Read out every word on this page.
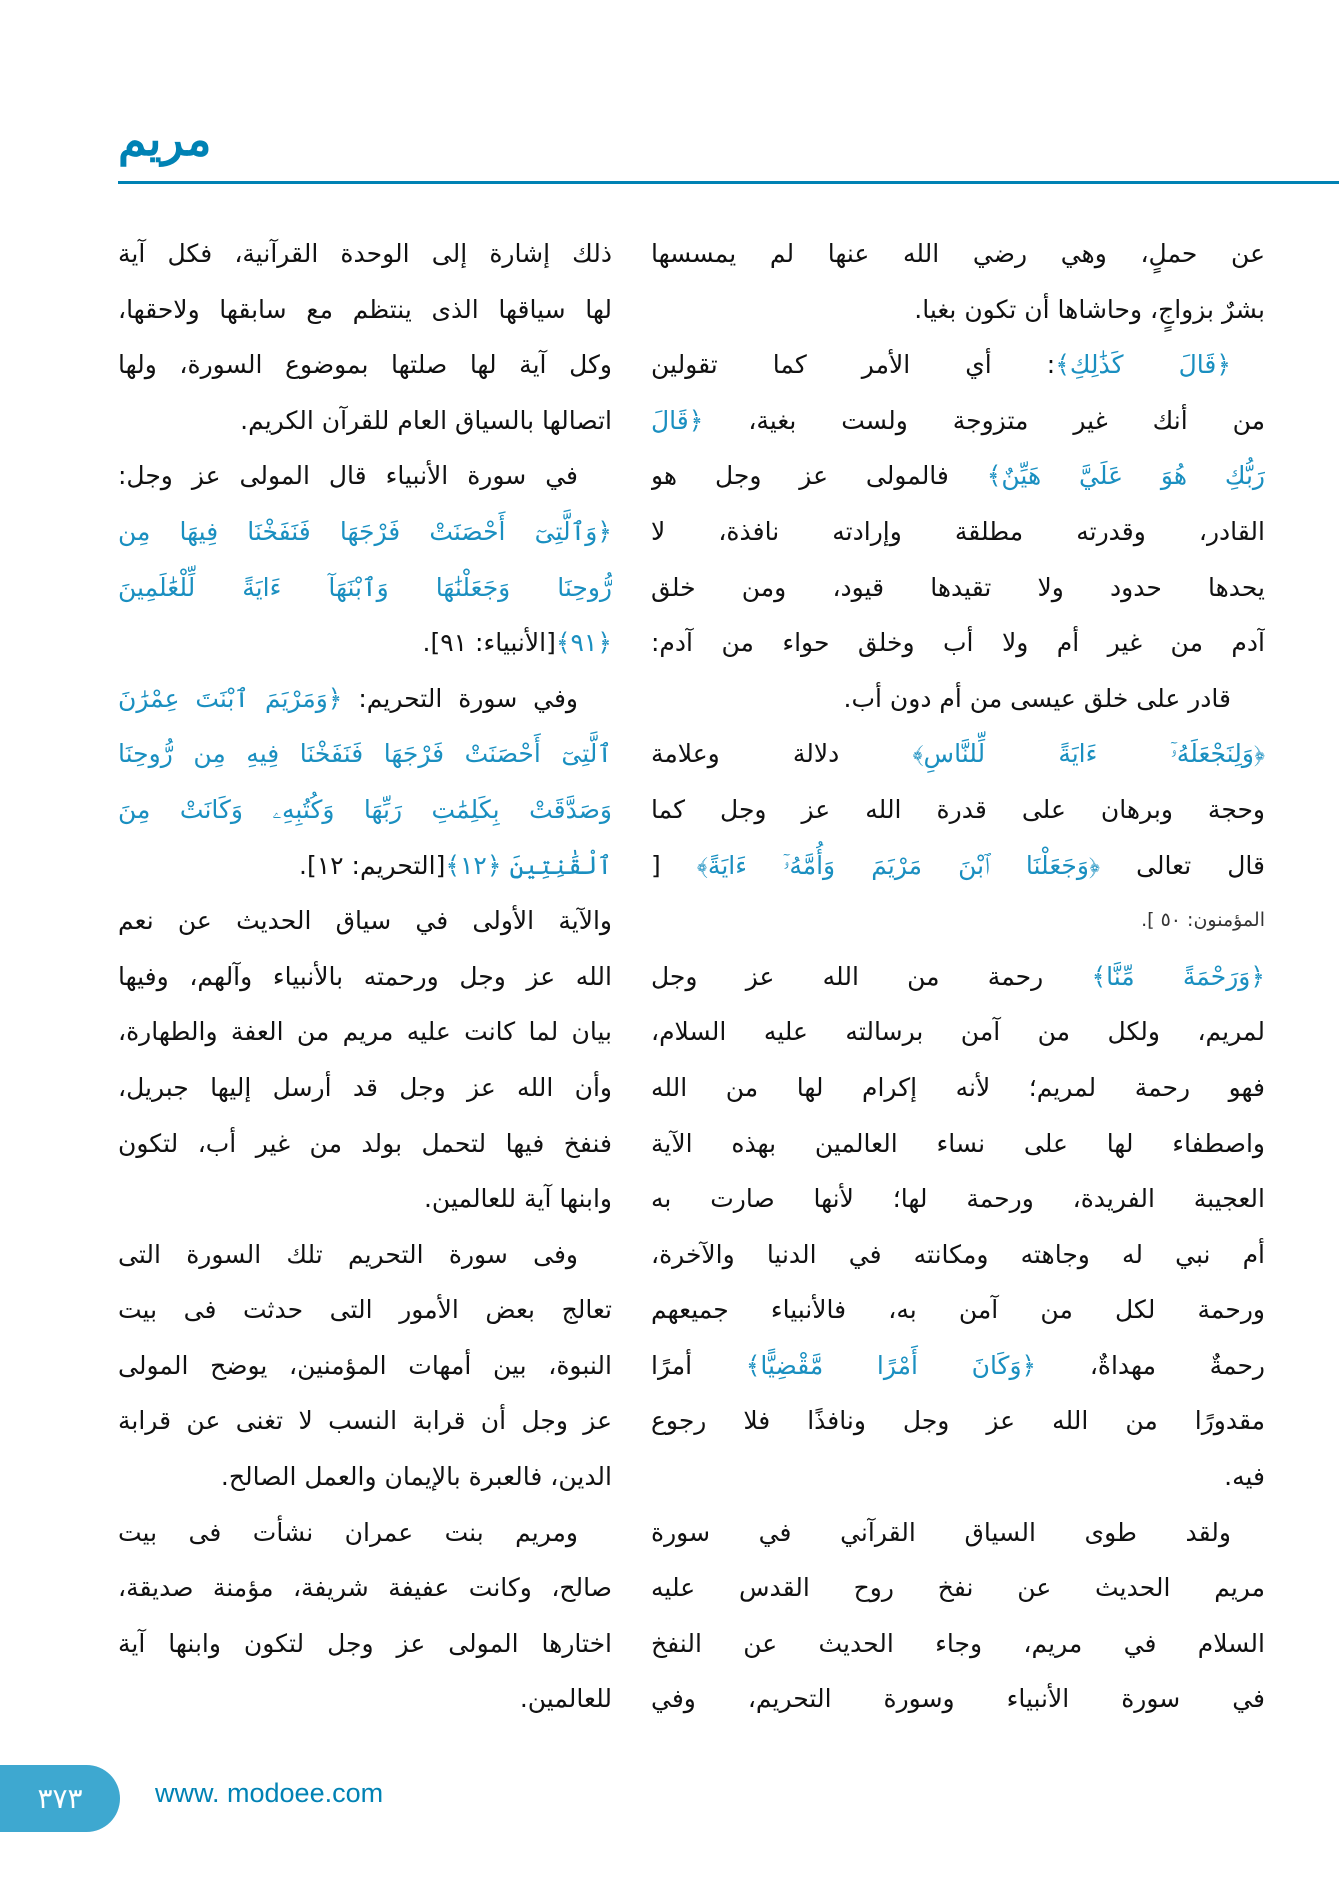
مريم
عن حملٍ، وهي رضي الله عنها لم يمسسها
بشرٌ بزواجٍ، وحاشاها أن تكون بغيا.
﴿قَالَ كَذَٰلِكِ﴾: أي الأمر كما تقولين
من أنك غير متزوجة ولست بغية، ﴿قَالَ
رَبُّكِ هُوَ عَلَيَّ هَيِّنٌ﴾ فالمولى عز وجل هو
القادر، وقدرته مطلقة وإرادته نافذة، لا
يحدها حدود ولا تقيدها قيود، ومن خلق
آدم من غير أم ولا أب وخلق حواء من آدم:
قادر على خلق عيسى من أم دون أب.
﴿وَلِنَجْعَلَهُۥٓ ءَايَةً لِّلنَّاسِ﴾ دلالة وعلامة
وحجة وبرهان على قدرة الله عز وجل كما
قال تعالى ﴿وَجَعَلْنَا ٱبْنَ مَرْيَمَ وَأُمَّهُۥٓ ءَايَةً﴾ [
المؤمنون: ٥٠ ].
﴿وَرَحْمَةً مِّنَّا﴾ رحمة من الله عز وجل
لمريم، ولكل من آمن برسالته عليه السلام،
فهو رحمة لمريم؛ لأنه إكرام لها من الله
واصطفاء لها على نساء العالمين بهذه الآية
العجيبة الفريدة، ورحمة لها؛ لأنها صارت به
أم نبي له وجاهته ومكانته في الدنيا والآخرة،
ورحمة لكل من آمن به، فالأنبياء جميعهم
رحمةٌ مهداةٌ، ﴿وَكَانَ أَمْرًا مَّقْضِيًّا﴾ أمرًا
مقدورًا من الله عز وجل ونافذًا فلا رجوع
فيه.
ولقد طوى السياق القرآني في سورة
مريم الحديث عن نفخ روح القدس عليه
السلام في مريم، وجاء الحديث عن النفخ
في سورة الأنبياء وسورة التحريم، وفي
ذلك إشارة إلى الوحدة القرآنية، فكل آية
لها سياقها الذى ينتظم مع سابقها ولاحقها،
وكل آية لها صلتها بموضوع السورة، ولها
اتصالها بالسياق العام للقرآن الكريم.
في سورة الأنبياء قال المولى عز وجل:
﴿وَٱلَّتِىٓ أَحْصَنَتْ فَرْجَهَا فَنَفَخْنَا فِيهَا مِن
رُّوحِنَا وَجَعَلْنَٰهَا وَٱبْنَهَآ ءَايَةً لِّلْعَٰلَمِينَ
﴿٩١﴾[الأنبياء: ٩١].
وفي سورة التحريم: ﴿وَمَرْيَمَ ٱبْنَتَ عِمْرَٰنَ
ٱلَّتِىٓ أَحْصَنَتْ فَرْجَهَا فَنَفَخْنَا فِيهِ مِن رُّوحِنَا
وَصَدَّقَتْ بِكَلِمَٰتِ رَبِّهَا وَكُتُبِهِۦ وَكَانَتْ مِنَ
ٱلْقَٰنِتِينَ ﴿١٢﴾[التحريم: ١٢].
والآية الأولى في سياق الحديث عن نعم
الله عز وجل ورحمته بالأنبياء وآلهم، وفيها
بيان لما كانت عليه مريم من العفة والطهارة،
وأن الله عز وجل قد أرسل إليها جبريل،
فنفخ فيها لتحمل بولد من غير أب، لتكون
وابنها آية للعالمين.
وفى سورة التحريم تلك السورة التى
تعالج بعض الأمور التى حدثت فى بيت
النبوة، بين أمهات المؤمنين، يوضح المولى
عز وجل أن قرابة النسب لا تغنى عن قرابة
الدين، فالعبرة بالإيمان والعمل الصالح.
ومريم بنت عمران نشأت فى بيت
صالح، وكانت عفيفة شريفة، مؤمنة صديقة،
اختارها المولى عز وجل لتكون وابنها آية
للعالمين.
٣٧٣	www. modoee.com
